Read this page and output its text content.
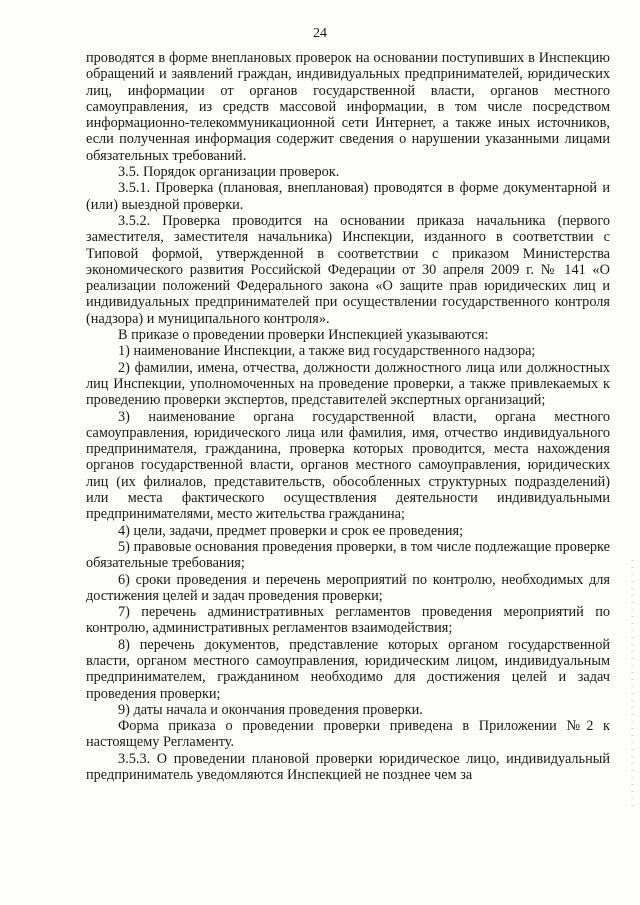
24

проводятся в форме внеплановых проверок на основании поступивших в Инспекцию обращений и заявлений граждан, индивидуальных предпринимателей, юридических лиц, информации от органов государственной власти, органов местного самоуправления, из средств массовой информации, в том числе посредством информационно-телекоммуникационной сети Интернет, а также иных источников, если полученная информация содержит сведения о нарушении указанными лицами обязательных требований.

3.5. Порядок организации проверок.

3.5.1. Проверка (плановая, внеплановая) проводятся в форме документарной и (или) выездной проверки.

3.5.2. Проверка проводится на основании приказа начальника (первого заместителя, заместителя начальника) Инспекции, изданного в соответствии с Типовой формой, утвержденной в соответствии с приказом Министерства экономического развития Российской Федерации от 30 апреля 2009 г. № 141 «О реализации положений Федерального закона «О защите прав юридических лиц и индивидуальных предпринимателей при осуществлении государственного контроля (надзора) и муниципального контроля».

В приказе о проведении проверки Инспекцией указываются:

1) наименование Инспекции, а также вид государственного надзора;

2) фамилии, имена, отчества, должности должностного лица или должностных лиц Инспекции, уполномоченных на проведение проверки, а также привлекаемых к проведению проверки экспертов, представителей экспертных организаций;

3) наименование органа государственной власти, органа местного самоуправления, юридического лица или фамилия, имя, отчество индивидуального предпринимателя, гражданина, проверка которых проводится, места нахождения органов государственной власти, органов местного самоуправления, юридических лиц (их филиалов, представительств, обособленных структурных подразделений) или места фактического осуществления деятельности индивидуальными предпринимателями, место жительства гражданина;

4) цели, задачи, предмет проверки и срок ее проведения;

5) правовые основания проведения проверки, в том числе подлежащие проверке обязательные требования;

6) сроки проведения и перечень мероприятий по контролю, необходимых для достижения целей и задач проведения проверки;

7) перечень административных регламентов проведения мероприятий по контролю, административных регламентов взаимодействия;

8) перечень документов, представление которых органом государственной власти, органом местного самоуправления, юридическим лицом, индивидуальным предпринимателем, гражданином необходимо для достижения целей и задач проведения проверки;

9) даты начала и окончания проведения проверки.

Форма приказа о проведении проверки приведена в Приложении №2 к настоящему Регламенту.

3.5.3. О проведении плановой проверки юридическое лицо, индивидуальный предприниматель уведомляются Инспекцией не позднее чем за
